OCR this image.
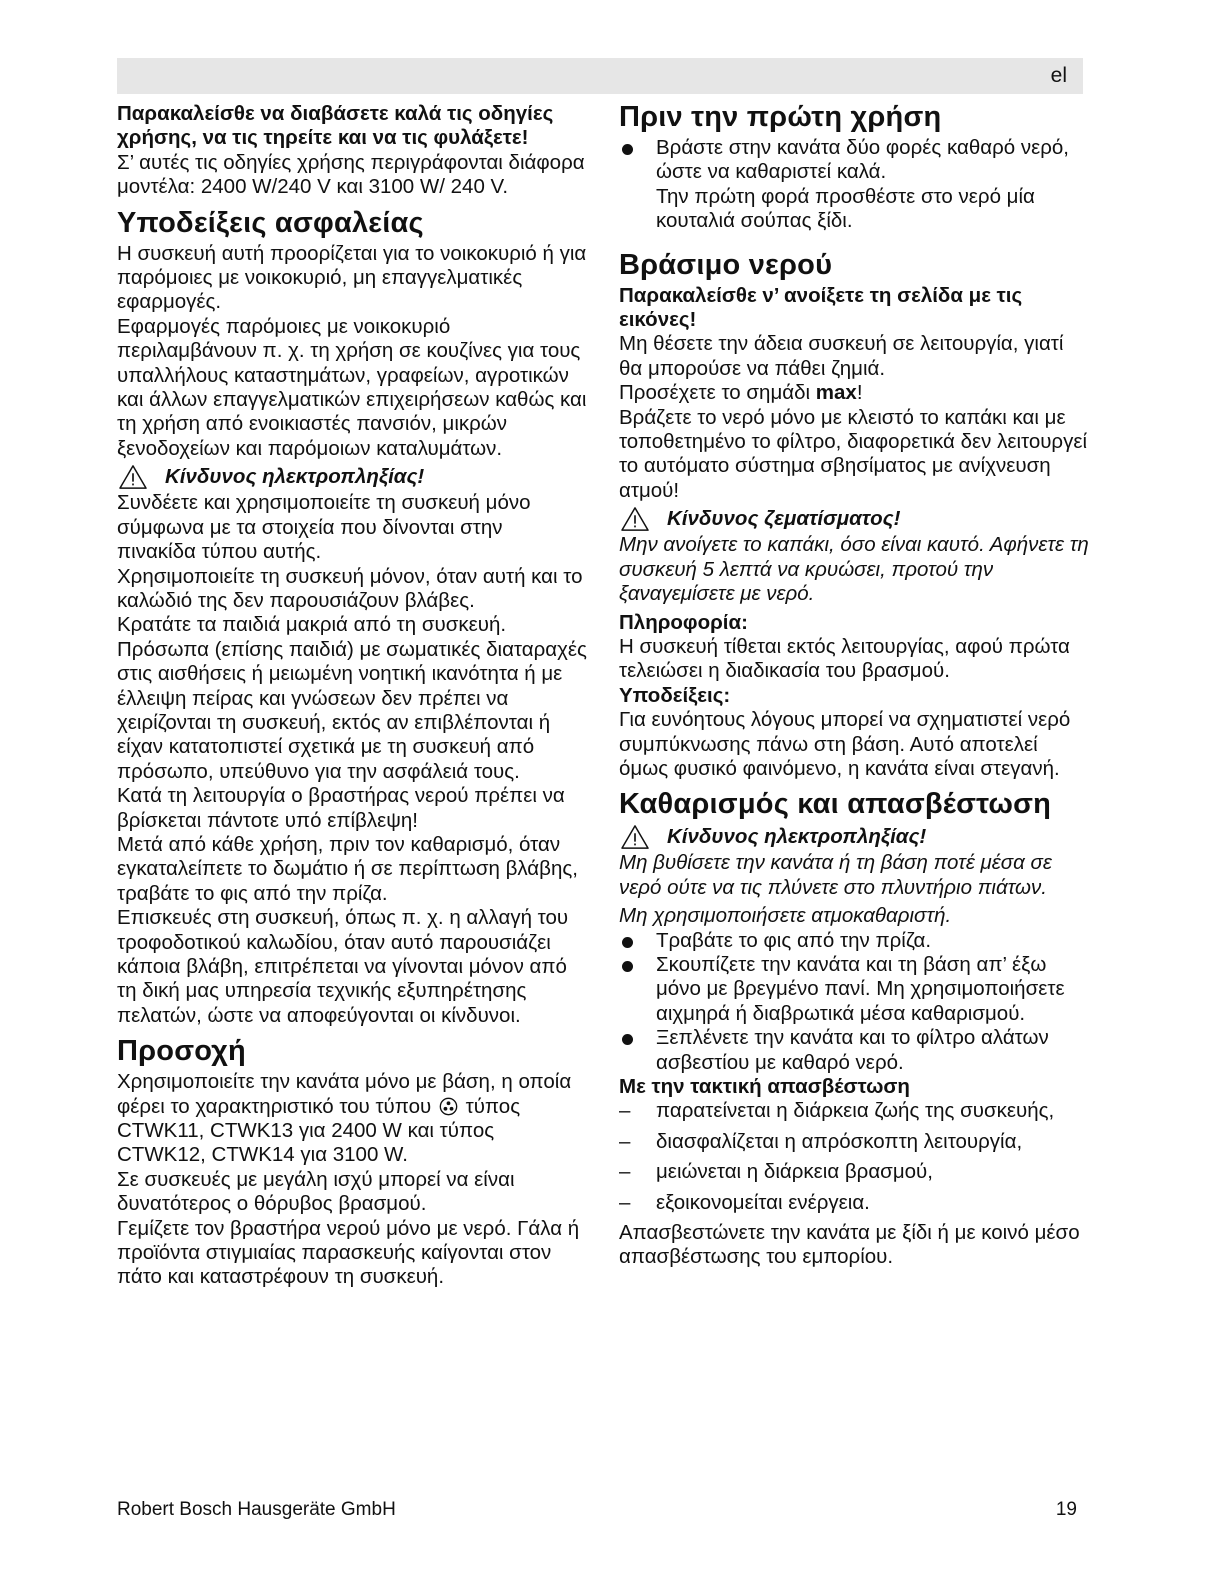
el

Παρακαλείσθε να διαβάσετε καλά τις οδηγίες χρήσης, να τις τηρείτε και να τις φυλάξετε!

Σ’ αυτές τις οδηγίες χρήσης περιγράφονται διάφορα μοντέλα: 2400 W/240 V και 3100 W/ 240 V.

Υποδείξεις ασφαλείας

Η συσκευή αυτή προορίζεται για το νοικοκυριό ή για παρόμοιες με νοικοκυριό, μη επαγγελματικές εφαρμογές.

Εφαρμογές παρόμοιες με νοικοκυριό περιλαμβάνουν π. χ. τη χρήση σε κουζίνες για τους υπαλλήλους καταστημάτων, γραφείων, αγροτικών και άλλων επαγγελματικών επιχειρήσεων καθώς και τη χρήση από ενοικιαστές πανσιόν, μικρών ξενοδοχείων και παρόμοιων καταλυμάτων.

Κίνδυνος ηλεκτροπληξίας!

Συνδέετε και χρησιμοποιείτε τη συσκευή μόνο σύμφωνα με τα στοιχεία που δίνονται στην πινακίδα τύπου αυτής.

Χρησιμοποιείτε τη συσκευή μόνον, όταν αυτή και το καλώδιό της δεν παρουσιάζουν βλάβες.

Κρατάτε τα παιδιά μακριά από τη συσκευή.

Πρόσωπα (επίσης παιδιά) με σωματικές διαταραχές στις αισθήσεις ή μειωμένη νοητική ικανότητα ή με έλλειψη πείρας και γνώσεων δεν πρέπει να χειρίζονται τη συσκευή, εκτός αν επιβλέπονται ή είχαν κατατοπιστεί σχετικά με τη συσκευή από πρόσωπο, υπεύθυνο για την ασφάλειά τους.

Κατά τη λειτουργία ο βραστήρας νερού πρέπει να βρίσκεται πάντοτε υπό επίβλεψη!

Μετά από κάθε χρήση, πριν τον καθαρισμό, όταν εγκαταλείπετε το δωμάτιο ή σε περίπτωση βλάβης, τραβάτε το φις από την πρίζα.

Επισκευές στη συσκευή, όπως π. χ. η αλλαγή του τροφοδοτικού καλωδίου, όταν αυτό παρουσιάζει κάποια βλάβη, επιτρέπεται να γίνονται μόνον από τη δική μας υπηρεσία τεχνικής εξυπηρέτησης πελατών, ώστε να αποφεύγονται οι κίνδυνοι.

Προσοχή

Χρησιμοποιείτε την κανάτα μόνο με βάση, η οποία φέρει το χαρακτηριστικό του τύπου τύπος CTWK11, CTWK13 για 2400 W και τύπος CTWK12, CTWK14 για 3100 W.

Σε συσκευές με μεγάλη ισχύ μπορεί να είναι δυνατότερος ο θόρυβος βρασμού.

Γεμίζετε τον βραστήρα νερού μόνο με νερό. Γάλα ή προϊόντα στιγμιαίας παρασκευής καίγονται στον πάτο και καταστρέφουν τη συσκευή.

Πριν την πρώτη χρήση
Βράστε στην κανάτα δύο φορές καθαρό νερό, ώστε να καθαριστεί καλά.
Την πρώτη φορά προσθέστε στο νερό μία κουταλιά σούπας ξίδι.
Βράσιμο νερού

Παρακαλείσθε ν’ ανοίξετε τη σελίδα με τις εικόνες!

Μη θέσετε την άδεια συσκευή σε λειτουργία, γιατί θα μπορούσε να πάθει ζημιά.

Προσέχετε το σημάδι max!

Βράζετε το νερό μόνο με κλειστό το καπάκι και με τοποθετημένο το φίλτρο, διαφορετικά δεν λειτουργεί το αυτόματο σύστημα σβησίματος με ανίχνευση ατμού!

Κίνδυνος ζεματίσματος!

Μην ανοίγετε το καπάκι, όσο είναι καυτό. Αφήνετε τη συσκευή 5 λεπτά να κρυώσει, προτού την ξαναγεμίσετε με νερό.

Πληροφορία:

Η συσκευή τίθεται εκτός λειτουργίας, αφού πρώτα τελειώσει η διαδικασία του βρασμού.

Υποδείξεις:

Για ευνόητους λόγους μπορεί να σχηματιστεί νερό συμπύκνωσης πάνω στη βάση. Αυτό αποτελεί όμως φυσικό φαινόμενο, η κανάτα είναι στεγανή.

Καθαρισμός και απασβέστωση
Κίνδυνος ηλεκτροπληξίας!

Μη βυθίσετε την κανάτα ή τη βάση ποτέ μέσα σε νερό ούτε να τις πλύνετε στο πλυντήριο πιάτων.

Μη χρησιμοποιήσετε ατμοκαθαριστή.

Τραβάτε το φις από την πρίζα.
Σκουπίζετε την κανάτα και τη βάση απ’ έξω μόνο με βρεγμένο πανί. Μη χρησιμοποιήσετε αιχμηρά ή διαβρωτικά μέσα καθαρισμού.
Ξεπλένετε την κανάτα και το φίλτρο αλάτων ασβεστίου με καθαρό νερό.

Με την τακτική απασβέστωση

– παρατείνεται η διάρκεια ζωής της συσκευής,
– διασφαλίζεται η απρόσκοπτη λειτουργία,
– μειώνεται η διάρκεια βρασμού,
– εξοικονομείται ενέργεια.

Απασβεστώνετε την κανάτα με ξίδι ή με κοινό μέσο απασβέστωσης του εμπορίου.

Robert Bosch Hausgeräte GmbH	19
